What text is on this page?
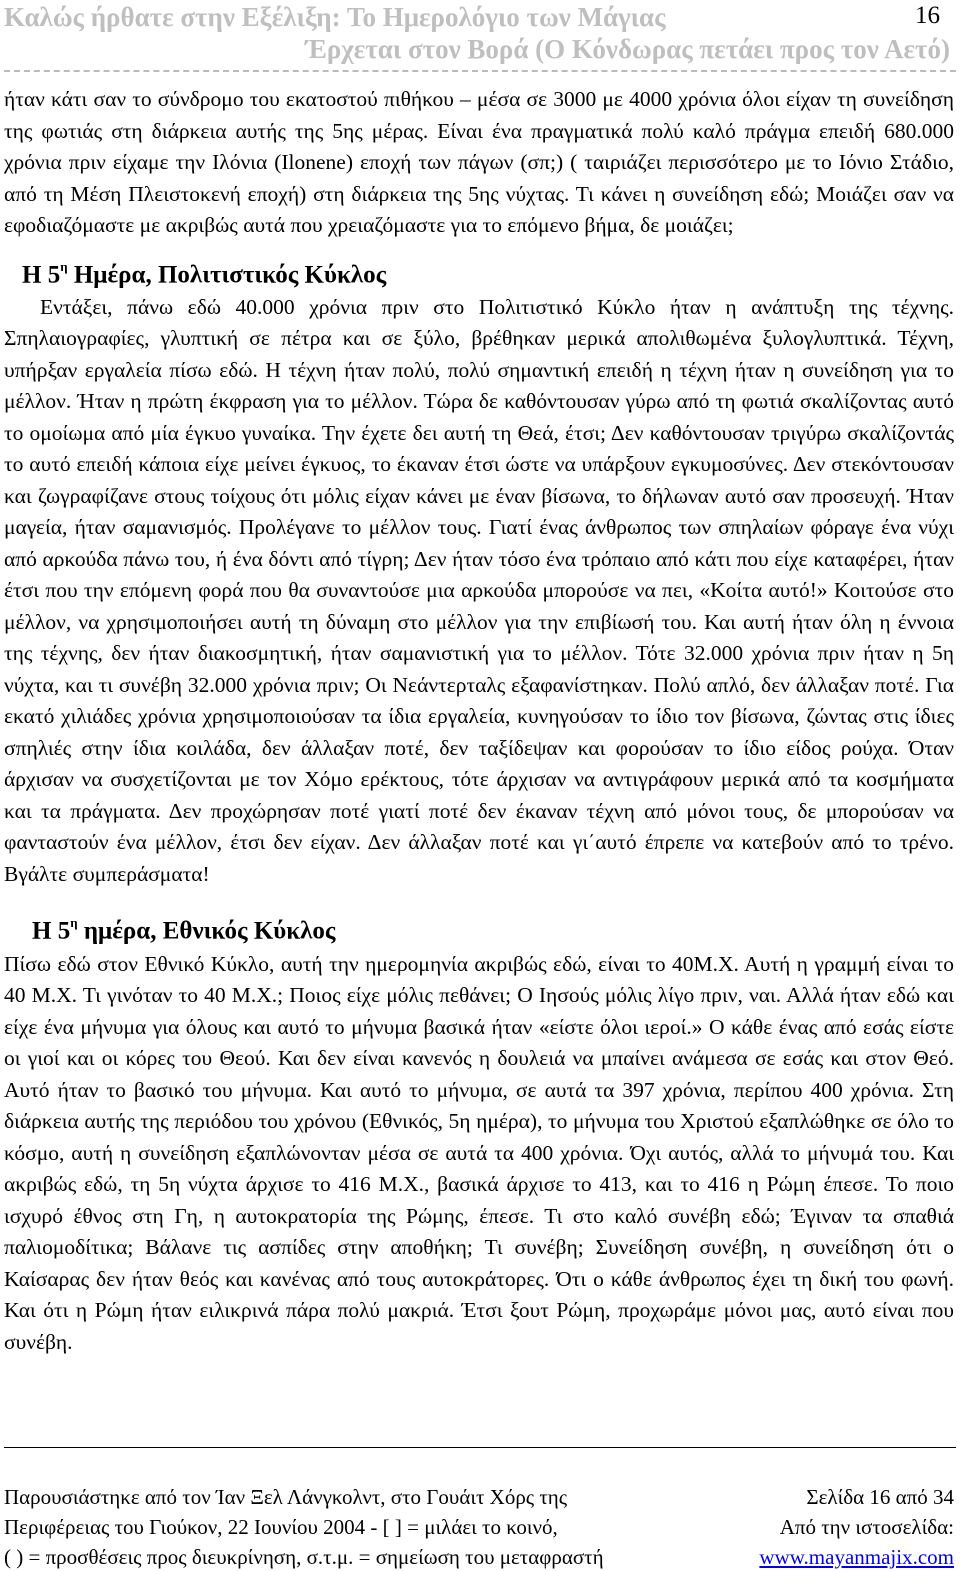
Καλώς ήρθατε στην Εξέλιξη: Το Ημερολόγιο των Μάγιας	16
Έρχεται στον Βορά (Ο Κόνδωρας πετάει προς τον Αετό)

ήταν κάτι σαν το σύνδρομο του εκατοστού πιθήκου – μέσα σε 3000 με 4000 χρόνια όλοι είχαν τη συνείδηση της φωτιάς στη διάρκεια αυτής της 5ης μέρας. Είναι ένα πραγματικά πολύ καλό πράγμα επειδή 680.000 χρόνια πριν είχαμε την Ιλόνια (Ilonene) εποχή των πάγων (σπ;) ( ταιριάζει περισσότερο με το Ιόνιο Στάδιο, από τη Μέση Πλειστοκενή εποχή) στη διάρκεια της 5ης νύχτας. Τι κάνει η συνείδηση εδώ; Μοιάζει σαν να εφοδιαζόμαστε με ακριβώς αυτά που χρειαζόμαστε για το επόμενο βήμα, δε μοιάζει;

Η $5^\eta$ Ημέρα, Πολιτιστικός Κύκλος

Εντάξει, πάνω εδώ 40.000 χρόνια πριν στο Πολιτιστικό Κύκλο ήταν η ανάπτυξη της τέχνης. Σπηλαιογραφίες, γλυπτική σε πέτρα και σε ξύλο, βρέθηκαν μερικά απολιθωμένα ξυλογλυπτικά. Τέχνη, υπήρξαν εργαλεία πίσω εδώ. Η τέχνη ήταν πολύ, πολύ σημαντική επειδή η τέχνη ήταν η συνείδηση για το μέλλον. Ήταν η πρώτη έκφραση για το μέλλον. Τώρα δε καθόντουσαν γύρω από τη φωτιά σκαλίζοντας αυτό το ομοίωμα από μία έγκυο γυναίκα. Την έχετε δει αυτή τη Θεά, έτσι; Δεν καθόντουσαν τριγύρω σκαλίζοντάς το αυτό επειδή κάποια είχε μείνει έγκυος, το έκαναν έτσι ώστε να υπάρξουν εγκυμοσύνες. Δεν στεκόντουσαν και ζωγραφίζανε στους τοίχους ότι μόλις είχαν κάνει με έναν βίσωνα, το δήλωναν αυτό σαν προσευχή. Ήταν μαγεία, ήταν σαμανισμός. Προλέγανε το μέλλον τους. Γιατί ένας άνθρωπος των σπηλαίων φόραγε ένα νύχι από αρκούδα πάνω του, ή ένα δόντι από τίγρη; Δεν ήταν τόσο ένα τρόπαιο από κάτι που είχε καταφέρει, ήταν έτσι που την επόμενη φορά που θα συναντούσε μια αρκούδα μπορούσε να πει, «Κοίτα αυτό!» Κοιτούσε στο μέλλον, να χρησιμοποιήσει αυτή τη δύναμη στο μέλλον για την επιβίωσή του. Και αυτή ήταν όλη η έννοια της τέχνης, δεν ήταν διακοσμητική, ήταν σαμανιστική για το μέλλον. Τότε 32.000 χρόνια πριν ήταν η 5η νύχτα, και τι συνέβη 32.000 χρόνια πριν; Οι Νεάντερταλς εξαφανίστηκαν. Πολύ απλό, δεν άλλαξαν ποτέ. Για εκατό χιλιάδες χρόνια χρησιμοποιούσαν τα ίδια εργαλεία, κυνηγούσαν το ίδιο τον βίσωνα, ζώντας στις ίδιες σπηλιές στην ίδια κοιλάδα, δεν άλλαξαν ποτέ, δεν ταξίδεψαν και φορούσαν το ίδιο είδος ρούχα. Όταν άρχισαν να συσχετίζονται με τον Χόμο ερέκτους, τότε άρχισαν να αντιγράφουν μερικά από τα κοσμήματα και τα πράγματα. Δεν προχώρησαν ποτέ γιατί ποτέ δεν έκαναν τέχνη από μόνοι τους, δε μπορούσαν να φανταστούν ένα μέλλον, έτσι δεν είχαν. Δεν άλλαξαν ποτέ και γι΄αυτό έπρεπε να κατεβούν από το τρένο. Βγάλτε συμπεράσματα!

Η $5^\eta$ ημέρα, Εθνικός Κύκλος

Πίσω εδώ στον Εθνικό Κύκλο, αυτή την ημερομηνία ακριβώς εδώ, είναι το 40Μ.Χ. Αυτή η γραμμή είναι το 40 Μ.Χ. Τι γινόταν το 40 Μ.Χ.; Ποιος είχε μόλις πεθάνει; Ο Ιησούς μόλις λίγο πριν, ναι. Αλλά ήταν εδώ και είχε ένα μήνυμα για όλους και αυτό το μήνυμα βασικά ήταν «είστε όλοι ιεροί.» Ο κάθε ένας από εσάς είστε οι γιοί και οι κόρες του Θεού. Και δεν είναι κανενός η δουλειά να μπαίνει ανάμεσα σε εσάς και στον Θεό. Αυτό ήταν το βασικό του μήνυμα. Και αυτό το μήνυμα, σε αυτά τα 397 χρόνια, περίπου 400 χρόνια. Στη διάρκεια αυτής της περιόδου του χρόνου (Εθνικός, 5η ημέρα), το μήνυμα του Χριστού εξαπλώθηκε σε όλο το κόσμο, αυτή η συνείδηση εξαπλώνονταν μέσα σε αυτά τα 400 χρόνια. Όχι αυτός, αλλά το μήνυμά του. Και ακριβώς εδώ, τη 5η νύχτα άρχισε το 416 Μ.Χ., βασικά άρχισε το 413, και το 416 η Ρώμη έπεσε. Το ποιο ισχυρό έθνος στη Γη, η αυτοκρατορία της Ρώμης, έπεσε. Τι στο καλό συνέβη εδώ; Έγιναν τα σπαθιά παλιομοδίτικα; Βάλανε τις ασπίδες στην αποθήκη; Τι συνέβη; Συνείδηση συνέβη, η συνείδηση ότι ο Καίσαρας δεν ήταν θεός και κανένας από τους αυτοκράτορες. Ότι ο κάθε άνθρωπος έχει τη δική του φωνή. Και ότι η Ρώμη ήταν ειλικρινά πάρα πολύ μακριά. Έτσι ξουτ Ρώμη, προχωράμε μόνοι μας, αυτό είναι που συνέβη.

Παρουσιάστηκε από τον Ίαν Ξελ Λάνγκολντ, στο Γουάιτ Χόρς της	Σελίδα 16 από 34
Περιφέρειας του Γιούκον, 22 Ιουνίου 2004 - [ ] = μιλάει το κοινό,	Από την ιστοσελίδα:
( ) = προσθέσεις προς διευκρίνηση, σ.τ.μ. = σημείωση του μεταφραστή	www.mayanmajix.com
